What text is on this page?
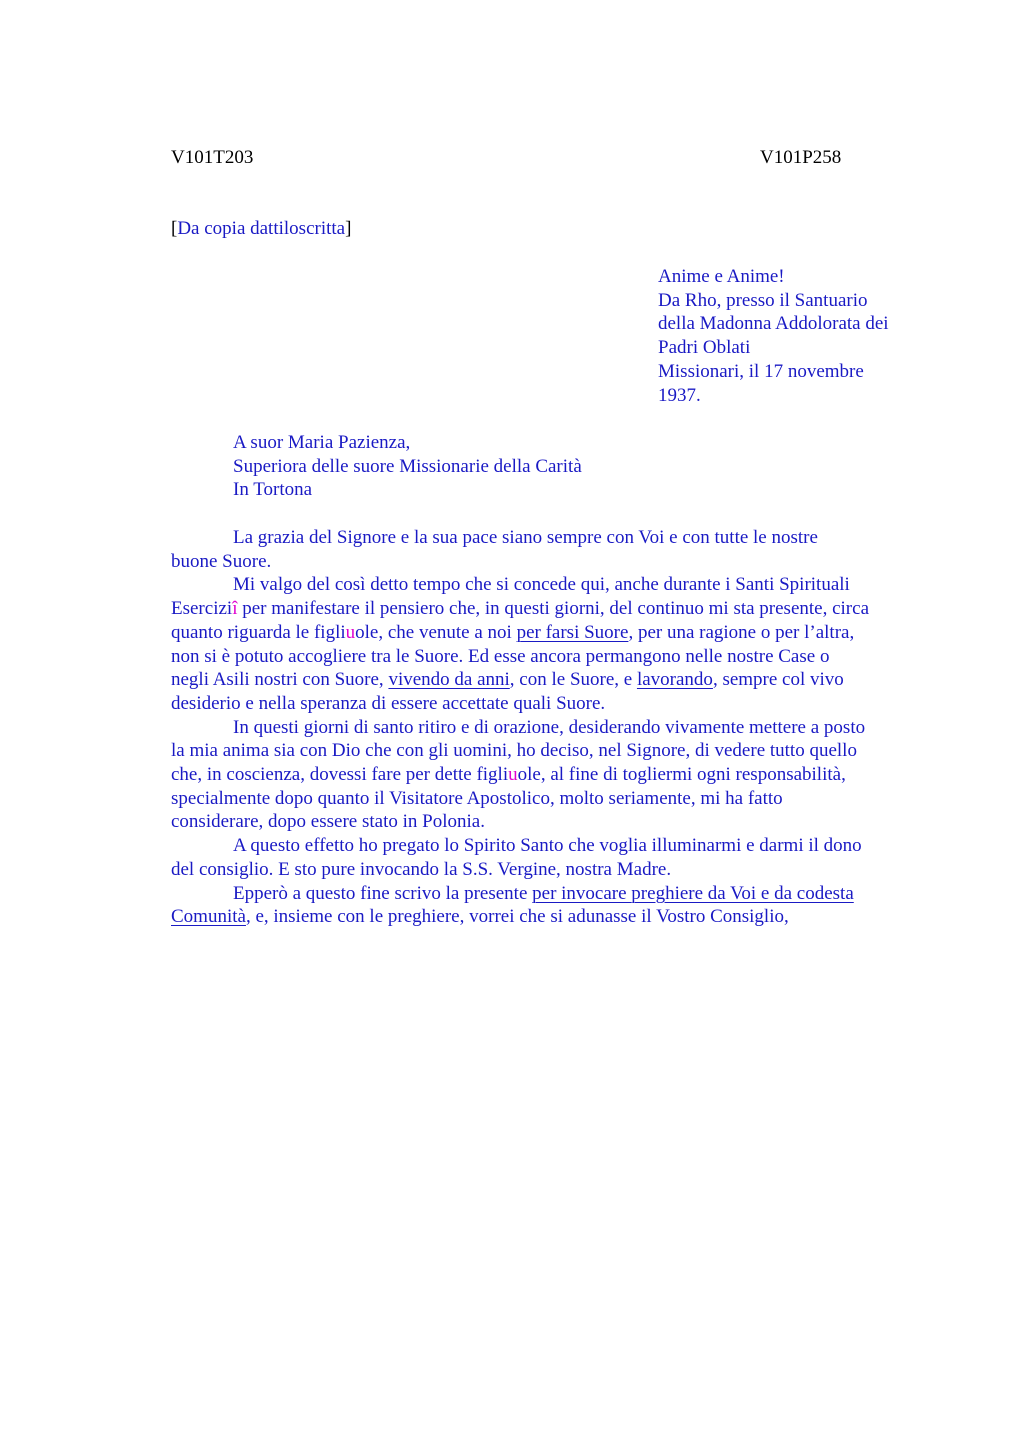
V101T203	V101P258
[Da copia dattiloscritta]
Anime e Anime!
Da Rho, presso il Santuario
della Madonna Addolorata dei
Padri Oblati
Missionari, il 17 novembre
1937.
A suor Maria Pazienza,
Superiora delle suore Missionarie della Carità
In Tortona
La grazia del Signore e la sua pace siano sempre con Voi e con tutte le nostre
buone Suore.
Mi valgo del così detto tempo che si concede qui, anche durante i Santi Spirituali
Eserciziî per manifestare il pensiero che, in questi giorni, del continuo mi sta presente, circa
quanto riguarda le figliuole, che venute a noi per farsi Suore, per una ragione o per l’altra,
non si è potuto accogliere tra le Suore. Ed esse ancora permangono nelle nostre Case o
negli Asili nostri con Suore, vivendo da anni, con le Suore, e lavorando, sempre col vivo
desiderio e nella speranza di essere accettate quali Suore.
In questi giorni di santo ritiro e di orazione, desiderando vivamente mettere a posto
la mia anima sia con Dio che con gli uomini, ho deciso, nel Signore, di vedere tutto quello
che, in coscienza, dovessi fare per dette figliuole, al fine di togliermi ogni responsabilità,
specialmente dopo quanto il Visitatore Apostolico, molto seriamente, mi ha fatto
considerare, dopo essere stato in Polonia.
A questo effetto ho pregato lo Spirito Santo che voglia illuminarmi e darmi il dono
del consiglio. E sto pure invocando la S.S. Vergine, nostra Madre.
Epperò a questo fine scrivo la presente per invocare preghiere da Voi e da codesta
Comunità, e, insieme con le preghiere, vorrei che si adunasse il Vostro Consiglio,
